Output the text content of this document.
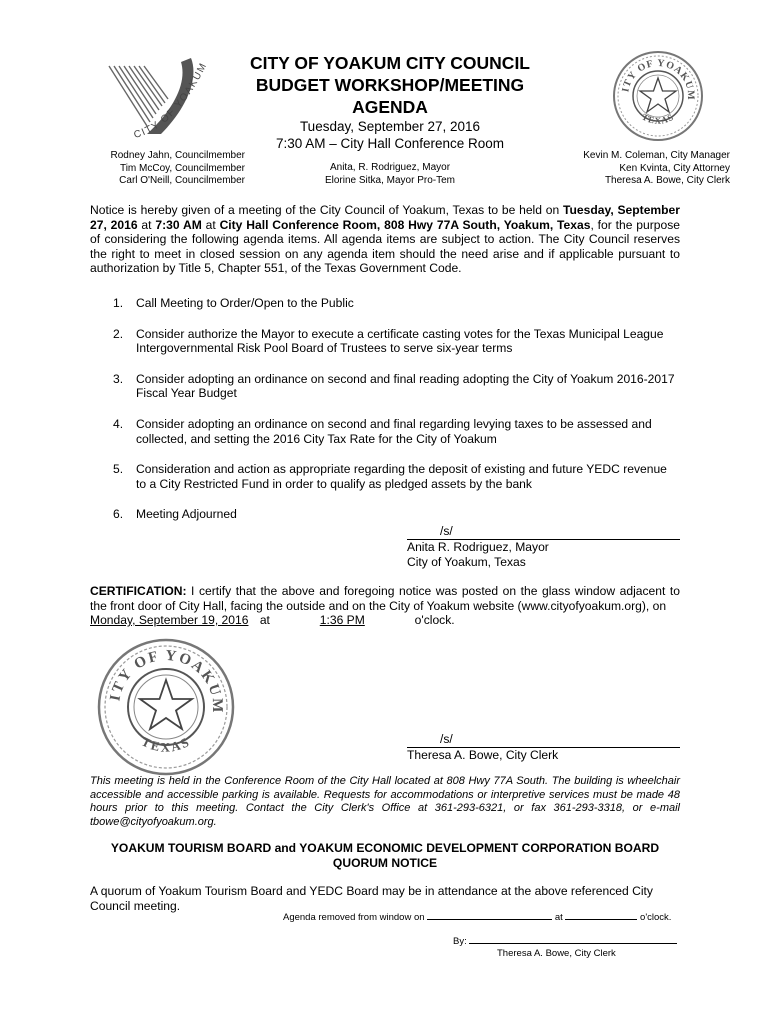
CITY OF YOAKUM
ITY OF YOAKUM
TEXAS
CITY OF YOAKUM CITY COUNCIL
BUDGET WORKSHOP/MEETING
AGENDA
Tuesday, September 27, 2016
7:30 AM – City Hall Conference Room
Rodney Jahn, Councilmember
Tim McCoy, Councilmember
Carl O'Neill, Councilmember
Anita, R. Rodriguez, Mayor
Elorine Sitka, Mayor Pro-Tem
Kevin M. Coleman, City Manager
Ken Kvinta, City Attorney
Theresa A. Bowe, City Clerk
Notice is hereby given of a meeting of the City Council of Yoakum, Texas to be held on Tuesday, September 27, 2016 at 7:30 AM at City Hall Conference Room, 808 Hwy 77A South, Yoakum, Texas, for the purpose of considering the following agenda items. All agenda items are subject to action. The City Council reserves the right to meet in closed session on any agenda item should the need arise and if applicable pursuant to authorization by Title 5, Chapter 551, of the Texas Government Code.
1. Call Meeting to Order/Open to the Public
2. Consider authorize the Mayor to execute a certificate casting votes for the Texas Municipal League Intergovernmental Risk Pool Board of Trustees to serve six-year terms
3. Consider adopting an ordinance on second and final reading adopting the City of Yoakum 2016-2017 Fiscal Year Budget
4. Consider adopting an ordinance on second and final regarding levying taxes to be assessed and collected, and setting the 2016 City Tax Rate for the City of Yoakum
5. Consideration and action as appropriate regarding the deposit of existing and future YEDC revenue to a City Restricted Fund in order to qualify as pledged assets by the bank
6. Meeting Adjourned
/s/
Anita R. Rodriguez, Mayor
City of Yoakum, Texas
CERTIFICATION: I certify that the above and foregoing notice was posted on the glass window adjacent to the front door of City Hall, facing the outside and on the City of Yoakum website (www.cityofyoakum.org), on
Monday, September 19, 2016 at	1:36 PM	o'clock.
ITY OF YOAKUM
TEXAS	/s/
Theresa A. Bowe, City Clerk
This meeting is held in the Conference Room of the City Hall located at 808 Hwy 77A South. The building is wheelchair accessible and accessible parking is available. Requests for accommodations or interpretive services must be made 48 hours prior to this meeting. Contact the City Clerk's Office at 361-293-6321, or fax 361-293-3318, or e-mail tbowe@cityofyoakum.org.
YOAKUM TOURISM BOARD and YOAKUM ECONOMIC DEVELOPMENT CORPORATION BOARD
QUORUM NOTICE
A quorum of Yoakum Tourism Board and YEDC Board may be in attendance at the above referenced City Council meeting.
Agenda removed from window on	at	o'clock.
By:
Theresa A. Bowe, City Clerk
